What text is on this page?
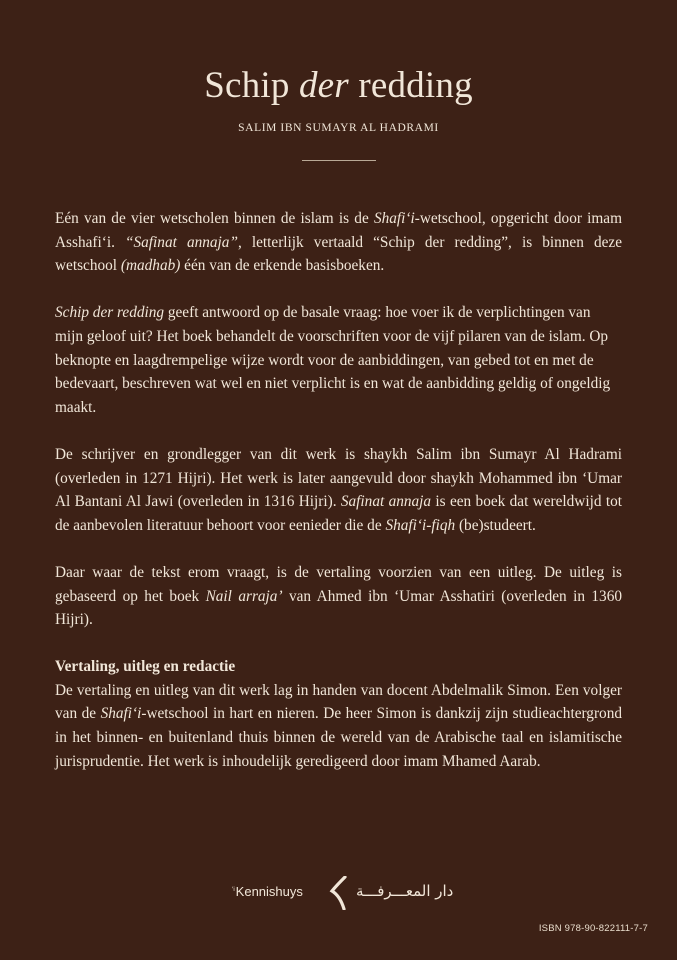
Schip der redding
SALIM IBN SUMAYR AL HADRAMI

Eén van de vier wetscholen binnen de islam is de Shafi‘i-wetschool, opgericht door imam Asshafi‘i. “Safinat annaja”, letterlijk vertaald “Schip der redding”, is binnen deze wetschool (madhab) één van de erkende basisboeken.

Schip der redding geeft antwoord op de basale vraag: hoe voer ik de verplichtingen van mijn geloof uit? Het boek behandelt de voorschriften voor de vijf pilaren van de islam. Op beknopte en laagdrempelige wijze wordt voor de aanbiddingen, van gebed tot en met de bedevaart, beschreven wat wel en niet verplicht is en wat de aanbidding geldig of ongeldig maakt.

De schrijver en grondlegger van dit werk is shaykh Salim ibn Sumayr Al Hadrami (overleden in 1271 Hijri). Het werk is later aangevuld door shaykh Mohammed ibn ‘Umar Al Bantani Al Jawi (overleden in 1316 Hijri). Safinat annaja is een boek dat wereldwijd tot de aanbevolen literatuur behoort voor eenieder die de Shafi‘i-fiqh (be)studeert.

Daar waar de tekst erom vraagt, is de vertaling voorzien van een uitleg. De uitleg is gebaseerd op het boek Nail arraja’ van Ahmed ibn ‘Umar Asshatiri (overleden in 1360 Hijri).

Vertaling, uitleg en redactie

De vertaling en uitleg van dit werk lag in handen van docent Abdelmalik Simon. Een volger van de Shafi‘i-wetschool in hart en nieren. De heer Simon is dankzij zijn studieachtergrond in het binnen- en buitenland thuis binnen de wereld van de Arabische taal en islamitische jurisprudentie. Het werk is inhoudelijk geredigeerd door imam Mhamed Aarab.

$^{‘i}$Kennishuys	دار المعـــرفـــة
ISBN 978-90-822111-7-7
